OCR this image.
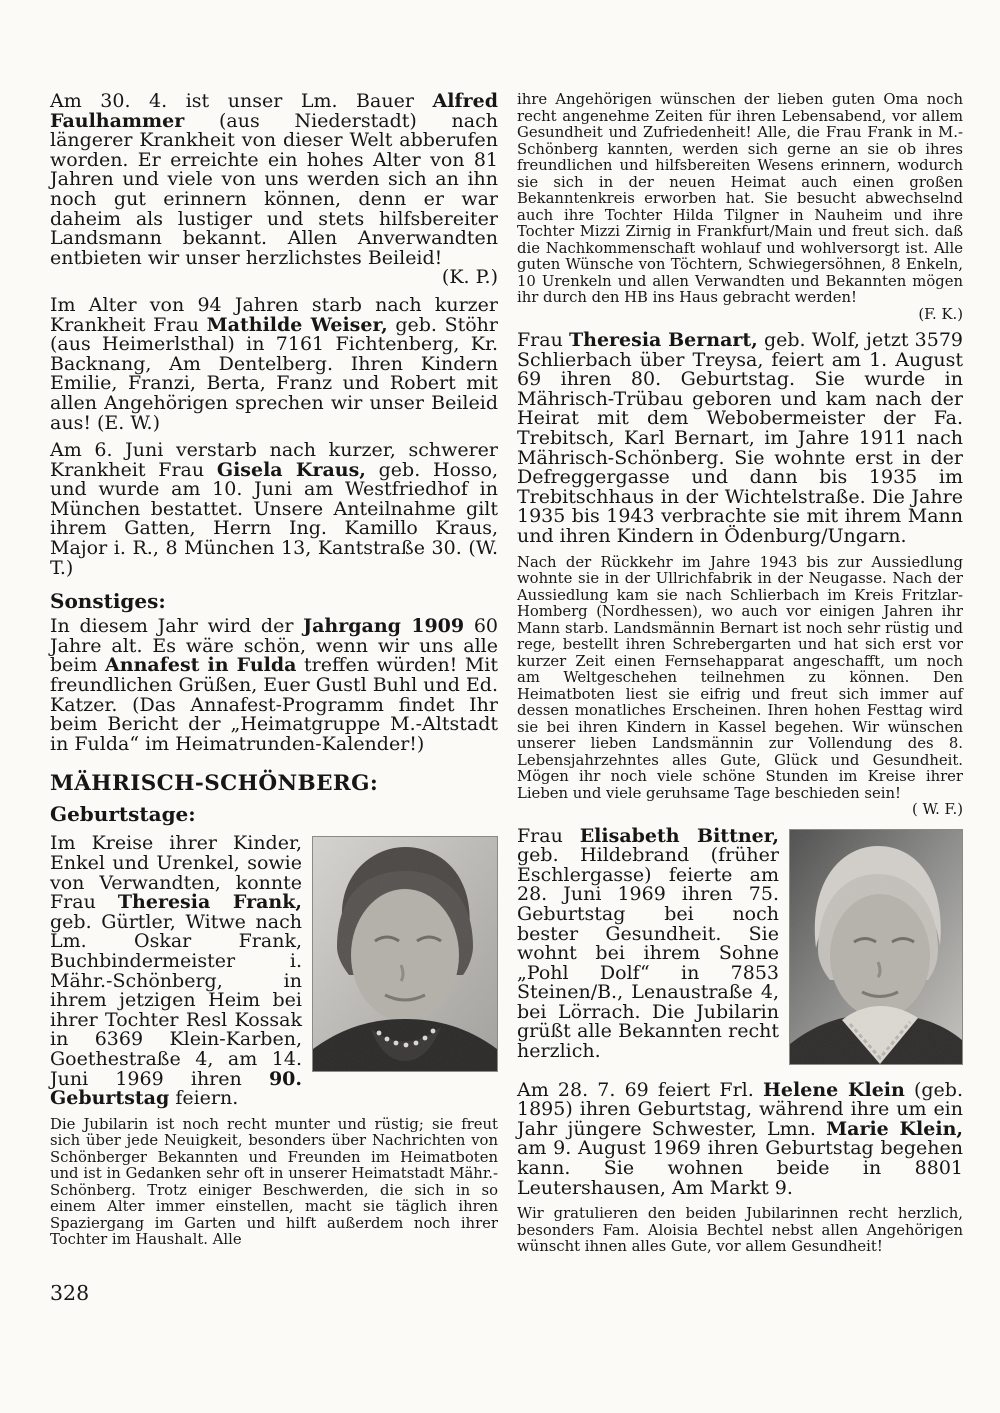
Am 30. 4. ist unser Lm. Bauer Alfred Faulhammer (aus Niederstadt) nach längerer Krankheit von dieser Welt abberufen worden. Er erreichte ein hohes Alter von 81 Jahren und viele von uns werden sich an ihn noch gut erinnern können, denn er war daheim als lustiger und stets hilfsbereiter Landsmann bekannt. Allen Anverwandten entbieten wir unser herzlichstes Beileid!
(K. P.)
Im Alter von 94 Jahren starb nach kurzer Krankheit Frau Mathilde Weiser, geb. Stöhr (aus Heimerlsthal) in 7161 Fichtenberg, Kr. Backnang, Am Dentelberg. Ihren Kindern Emilie, Franzi, Berta, Franz und Robert mit allen Angehörigen sprechen wir unser Beileid aus! (E. W.)
Am 6. Juni verstarb nach kurzer, schwerer Krankheit Frau Gisela Kraus, geb. Hosso, und wurde am 10. Juni am Westfriedhof in München bestattet. Unsere Anteilnahme gilt ihrem Gatten, Herrn Ing. Kamillo Kraus, Major i. R., 8 München 13, Kantstraße 30. (W. T.)
Sonstiges:
In diesem Jahr wird der Jahrgang 1909 60 Jahre alt. Es wäre schön, wenn wir uns alle beim Annafest in Fulda treffen würden! Mit freundlichen Grüßen, Euer Gustl Buhl und Ed. Katzer. (Das Annafest-Programm findet Ihr beim Bericht der „Heimatgruppe M.-Altstadt in Fulda“ im Heimatrunden-Kalender!)
MÄHRISCH-SCHÖNBERG:
Geburtstage:
Im Kreise ihrer Kinder, Enkel und Urenkel, sowie von Verwandten, konnte Frau Theresia Frank, geb. Gürtler, Witwe nach Lm. Oskar Frank, Buchbindermeister i. Mähr.-Schönberg, in ihrem jetzigen Heim bei ihrer Tochter Resl Kossak in 6369 Klein-Karben, Goethestraße 4, am 14. Juni 1969 ihren 90. Geburtstag feiern.
Die Jubilarin ist noch recht munter und rüstig; sie freut sich über jede Neuigkeit, besonders über Nachrichten von Schönberger Bekannten und Freunden im Heimatboten und ist in Gedanken sehr oft in unserer Heimatstadt Mähr.-Schönberg. Trotz einiger Beschwerden, die sich in so einem Alter immer einstellen, macht sie täglich ihren Spaziergang im Garten und hilft außerdem noch ihrer Tochter im Haushalt. Alle
ihre Angehörigen wünschen der lieben guten Oma noch recht angenehme Zeiten für ihren Lebensabend, vor allem Gesundheit und Zufriedenheit! Alle, die Frau Frank in M.-Schönberg kannten, werden sich gerne an sie ob ihres freundlichen und hilfsbereiten Wesens erinnern, wodurch sie sich in der neuen Heimat auch einen großen Bekanntenkreis erworben hat. Sie besucht abwechselnd auch ihre Tochter Hilda Tilgner in Nauheim und ihre Tochter Mizzi Zirnig in Frankfurt/Main und freut sich. daß die Nachkommenschaft wohlauf und wohlversorgt ist. Alle guten Wünsche von Töchtern, Schwiegersöhnen, 8 Enkeln, 10 Urenkeln und allen Verwandten und Bekannten mögen ihr durch den HB ins Haus gebracht werden!
(F. K.)
Frau Theresia Bernart, geb. Wolf, jetzt 3579 Schlierbach über Treysa, feiert am 1. August 69 ihren 80. Geburtstag. Sie wurde in Mährisch-Trübau geboren und kam nach der Heirat mit dem Webobermeister der Fa. Trebitsch, Karl Bernart, im Jahre 1911 nach Mährisch-Schönberg. Sie wohnte erst in der Defreggergasse und dann bis 1935 im Trebitschhaus in der Wichtelstraße. Die Jahre 1935 bis 1943 verbrachte sie mit ihrem Mann und ihren Kindern in Ödenburg/Ungarn.
Nach der Rückkehr im Jahre 1943 bis zur Aussiedlung wohnte sie in der Ullrichfabrik in der Neugasse. Nach der Aussiedlung kam sie nach Schlierbach im Kreis Fritzlar-Homberg (Nordhessen), wo auch vor einigen Jahren ihr Mann starb. Landsmännin Bernart ist noch sehr rüstig und rege, bestellt ihren Schrebergarten und hat sich erst vor kurzer Zeit einen Fernsehapparat angeschafft, um noch am Weltgeschehen teilnehmen zu können. Den Heimatboten liest sie eifrig und freut sich immer auf dessen monatliches Erscheinen. Ihren hohen Festtag wird sie bei ihren Kindern in Kassel begehen. Wir wünschen unserer lieben Landsmännin zur Vollendung des 8. Lebensjahrzehntes alles Gute, Glück und Gesundheit. Mögen ihr noch viele schöne Stunden im Kreise ihrer Lieben und viele geruhsame Tage beschieden sein!
( W. F.)
Frau Elisabeth Bittner, geb. Hildebrand (früher Eschlergasse) feierte am 28. Juni 1969 ihren 75. Geburtstag bei noch bester Gesundheit. Sie wohnt bei ihrem Sohne „Pohl Dolf“ in 7853 Steinen/B., Lenaustraße 4, bei Lörrach. Die Jubilarin grüßt alle Bekannten recht herzlich.
Am 28. 7. 69 feiert Frl. Helene Klein (geb. 1895) ihren Geburtstag, während ihre um ein Jahr jüngere Schwester, Lmn. Marie Klein, am 9. August 1969 ihren Geburtstag begehen kann. Sie wohnen beide in 8801 Leutershausen, Am Markt 9.
Wir gratulieren den beiden Jubilarinnen recht herzlich, besonders Fam. Aloisia Bechtel nebst allen Angehörigen wünscht ihnen alles Gute, vor allem Gesundheit!
328
